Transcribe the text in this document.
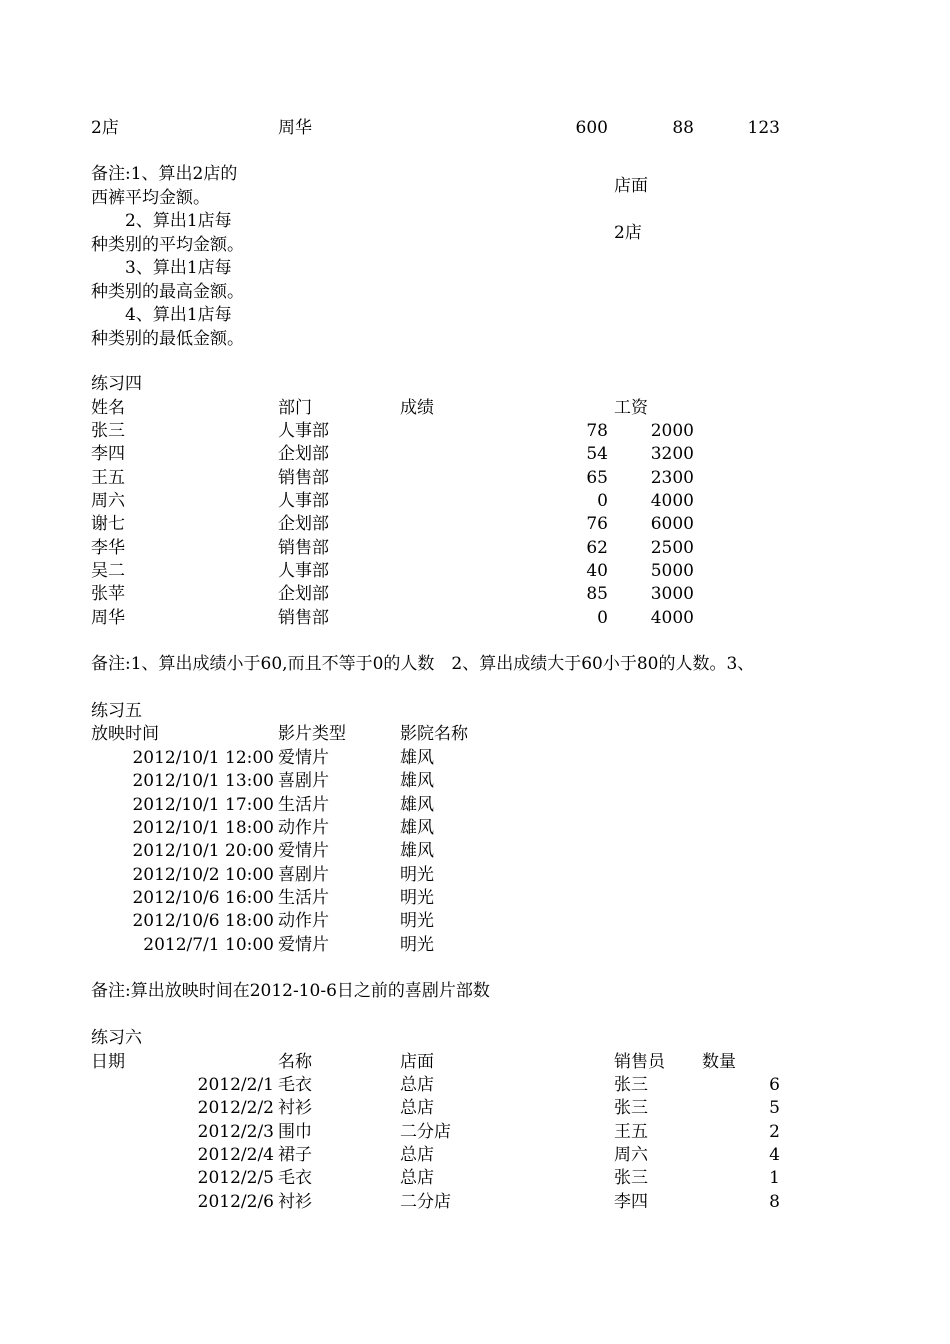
2店	周华	600	88	123
备注:1、算出2店的
西裤平均金额。
　　2、算出1店每
种类别的平均金额。
　　3、算出1店每
种类别的最高金额。
　　4、算出1店每
种类别的最低金额。
店面
2店
练习四
姓名	部门	成绩	工资
张三	人事部	78	2000
李四	企划部	54	3200
王五	销售部	65	2300
周六	人事部	0	4000
谢七	企划部	76	6000
李华	销售部	62	2500
吴二	人事部	40	5000
张苹	企划部	85	3000
周华	销售部	0	4000
备注:1、算出成绩小于60,而且不等于0的人数　2、算出成绩大于60小于80的人数。3、
练习五
放映时间	影片类型	影院名称
2012/10/1 12:00 爱情片	雄风
2012/10/1 13:00 喜剧片	雄风
2012/10/1 17:00 生活片	雄风
2012/10/1 18:00 动作片	雄风
2012/10/1 20:00 爱情片	雄风
2012/10/2 10:00 喜剧片	明光
2012/10/6 16:00 生活片	明光
2012/10/6 18:00 动作片	明光
2012/7/1 10:00 爱情片	明光
备注:算出放映时间在2012-10-6日之前的喜剧片部数
练习六
日期	名称	店面	销售员 数量
2012/2/1 毛衣	总店	张三	6
2012/2/2 衬衫	总店	张三	5
2012/2/3 围巾	二分店	王五	2
2012/2/4 裙子	总店	周六	4
2012/2/5 毛衣	总店	张三	1
2012/2/6 衬衫	二分店	李四	8
